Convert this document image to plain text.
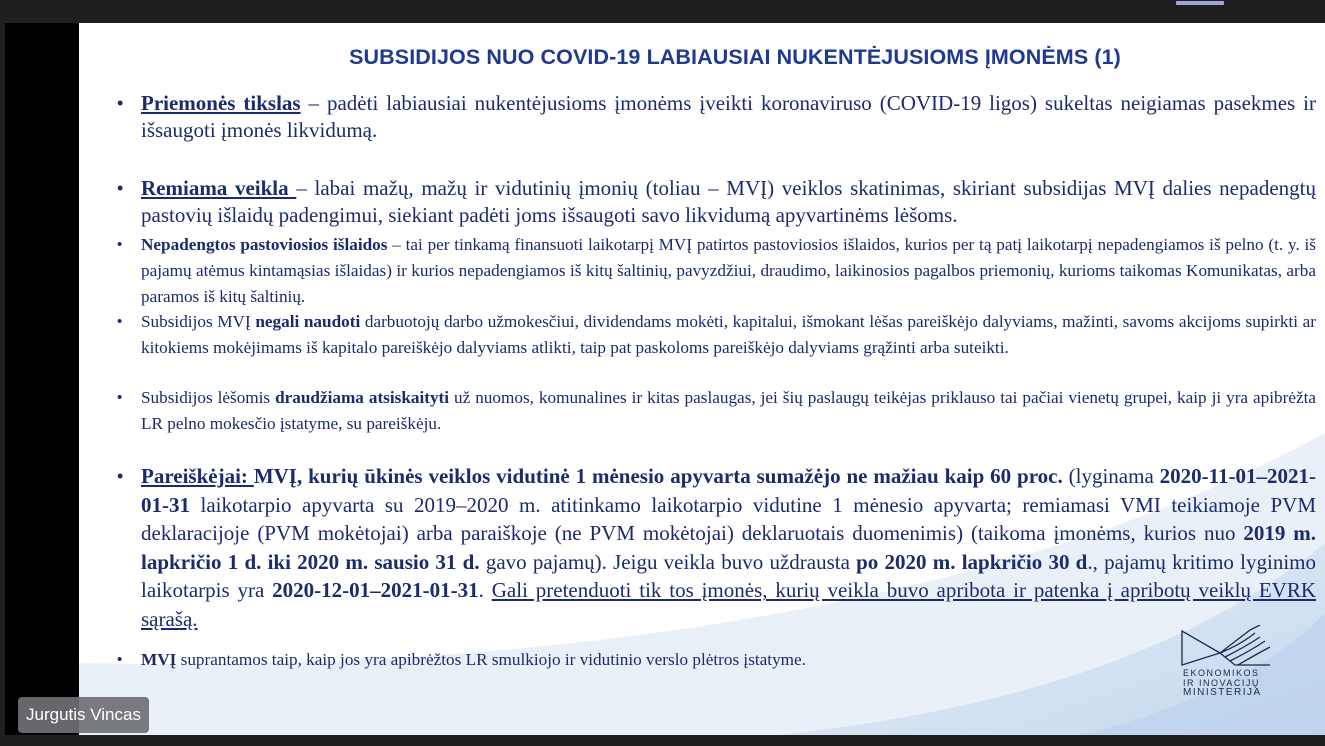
SUBSIDIJOS NUO COVID-19 LABIAUSIAI NUKENTĖJUSIOMS ĮMONĖMS (1)
• Priemonės tikslas – padėti labiausiai nukentėjusioms įmonėms įveikti koronaviruso (COVID-19 ligos) sukeltas neigiamas pasekmes ir išsaugoti įmonės likvidumą.
• Remiama veikla – labai mažų, mažų ir vidutinių įmonių (toliau – MVĮ) veiklos skatinimas, skiriant subsidijas MVĮ dalies nepadengtų pastovių išlaidų padengimui, siekiant padėti joms išsaugoti savo likvidumą apyvartinėms lėšoms.
• Nepadengtos pastoviosios išlaidos – tai per tinkamą finansuoti laikotarpį MVĮ patirtos pastoviosios išlaidos, kurios per tą patį laikotarpį nepadengiamos iš pelno (t. y. iš pajamų atėmus kintamąsias išlaidas) ir kurios nepadengiamos iš kitų šaltinių, pavyzdžiui, draudimo, laikinosios pagalbos priemonių, kurioms taikomas Komunikatas, arba paramos iš kitų šaltinių.
• Subsidijos MVĮ negali naudoti darbuotojų darbo užmokesčiui, dividendams mokėti, kapitalui, išmokant lėšas pareiškėjo dalyviams, mažinti, savoms akcijoms supirkti ar kitokiems mokėjimams iš kapitalo pareiškėjo dalyviams atlikti, taip pat paskoloms pareiškėjo dalyviams grąžinti arba suteikti.
• Subsidijos lėšomis draudžiama atsiskaityti už nuomos, komunalines ir kitas paslaugas, jei šių paslaugų teikėjas priklauso tai pačiai vienetų grupei, kaip ji yra apibrėžta LR pelno mokesčio įstatyme, su pareiškėju.
• Pareiškėjai: MVĮ, kurių ūkinės veiklos vidutinė 1 mėnesio apyvarta sumažėjo ne mažiau kaip 60 proc. (lyginama 2020-11-01–2021-01-31 laikotarpio apyvarta su 2019–2020 m. atitinkamo laikotarpio vidutine 1 mėnesio apyvarta; remiamasi VMI teikiamoje PVM deklaracijoje (PVM mokėtojai) arba paraiškoje (ne PVM mokėtojai) deklaruotais duomenimis) (taikoma įmonėms, kurios nuo 2019 m. lapkričio 1 d. iki 2020 m. sausio 31 d. gavo pajamų). Jeigu veikla buvo uždrausta po 2020 m. lapkričio 30 d., pajamų kritimo lyginimo laikotarpis yra 2020-12-01–2021-01-31. Gali pretenduoti tik tos įmonės, kurių veikla buvo apribota ir patenka į apribotų veiklų EVRK sąrašą.
• MVĮ suprantamos taip, kaip jos yra apibrėžtos LR smulkiojo ir vidutinio verslo plėtros įstatyme.
EKONOMIKOS
IR INOVACIJŲ
MINISTERIJA
Jurgutis Vincas
